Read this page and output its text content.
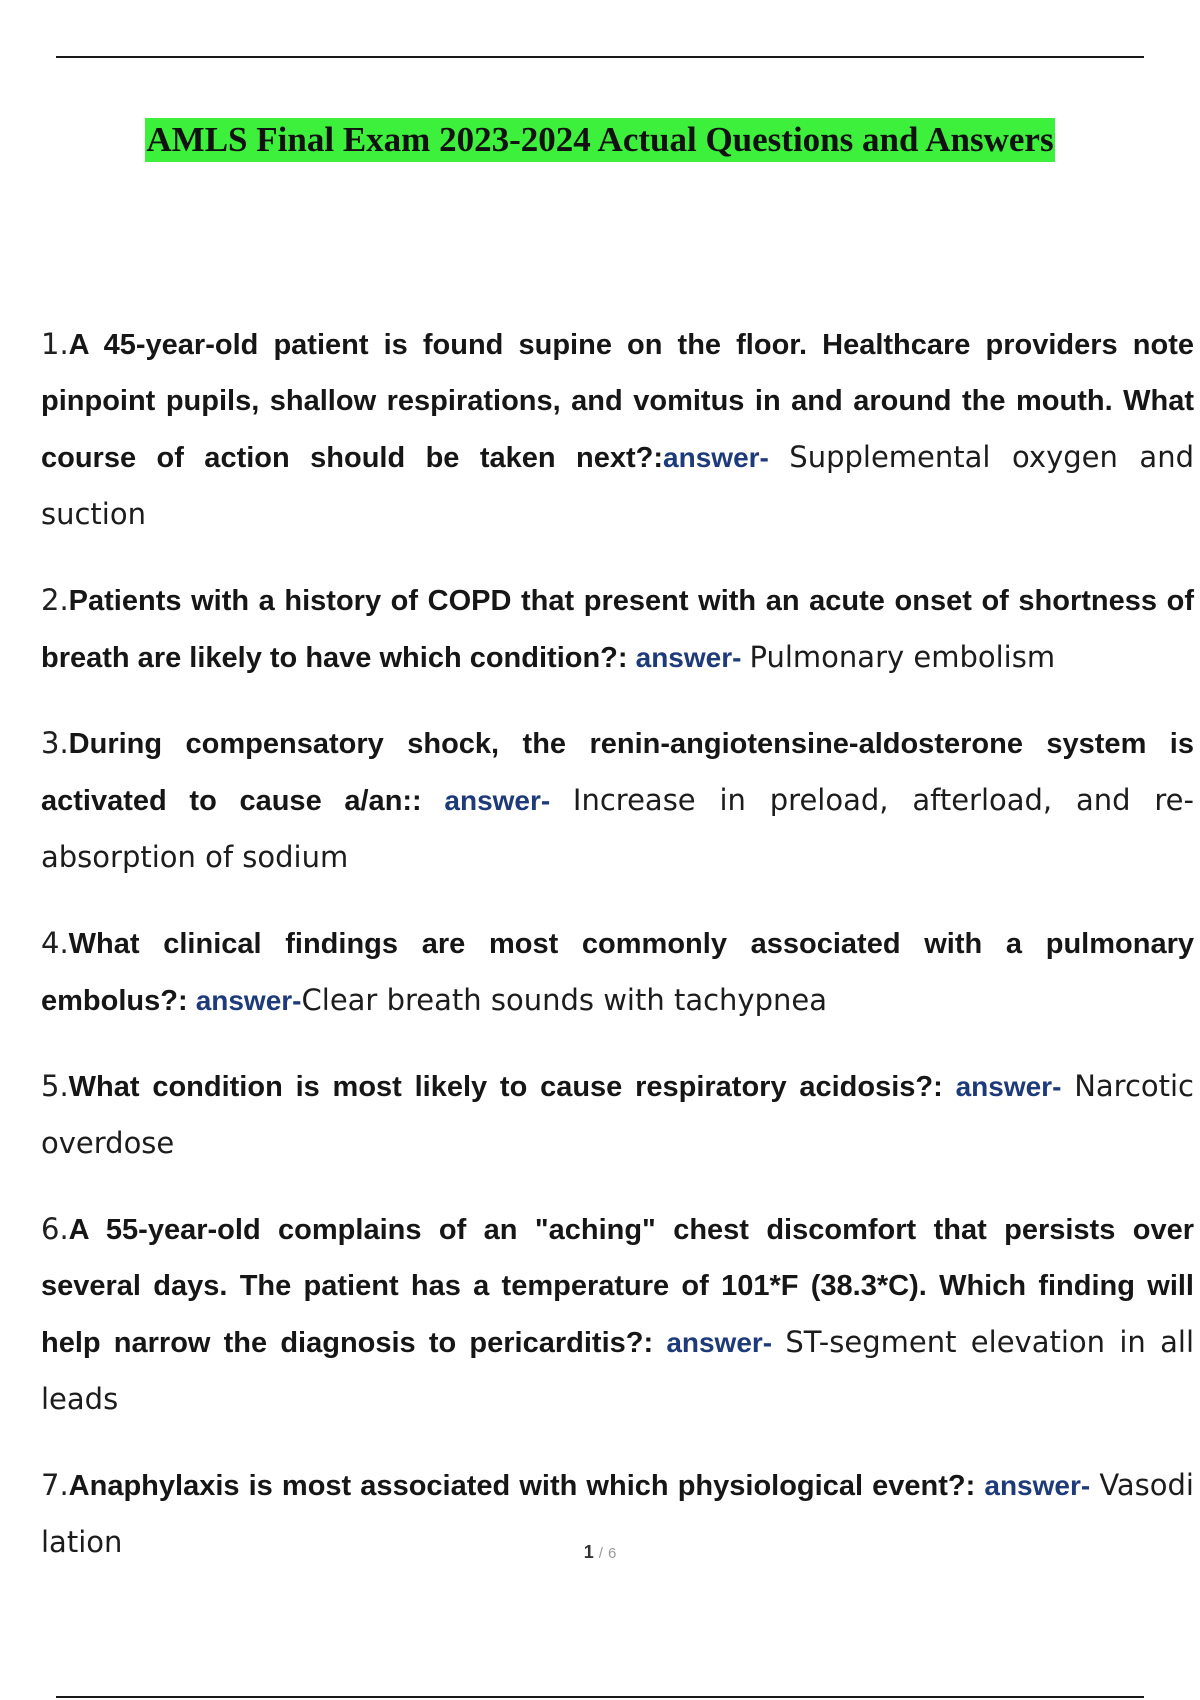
AMLS Final Exam 2023-2024 Actual Questions and Answers

1.A 45-year-old patient is found supine on the floor. Healthcare providers note pinpoint pupils, shallow respirations, and vomitus in and around the mouth. What course of action should be taken next?:answer- Supplemental oxygen and suction

2.Patients with a history of COPD that present with an acute onset of shortness of breath are likely to have which condition?: answer- Pulmonary embolism

3.During compensatory shock, the renin-angiotensine-aldosterone system is activated to cause a/an:: answer- Increase in preload, afterload, and re-absorption of sodium

4.What clinical findings are most commonly associated with a pulmonary embolus?: answer-Clear breath sounds with tachypnea

5.What condition is most likely to cause respiratory acidosis?: answer- Narcotic overdose

6.A 55-year-old complains of an "aching" chest discomfort that persists over several days. The patient has a temperature of 101*F (38.3*C). Which finding will help narrow the diagnosis to pericarditis?: answer- ST-segment elevation in all leads

7.Anaphylaxis is most associated with which physiological event?: answer- Vasodi lation	1 / 6
